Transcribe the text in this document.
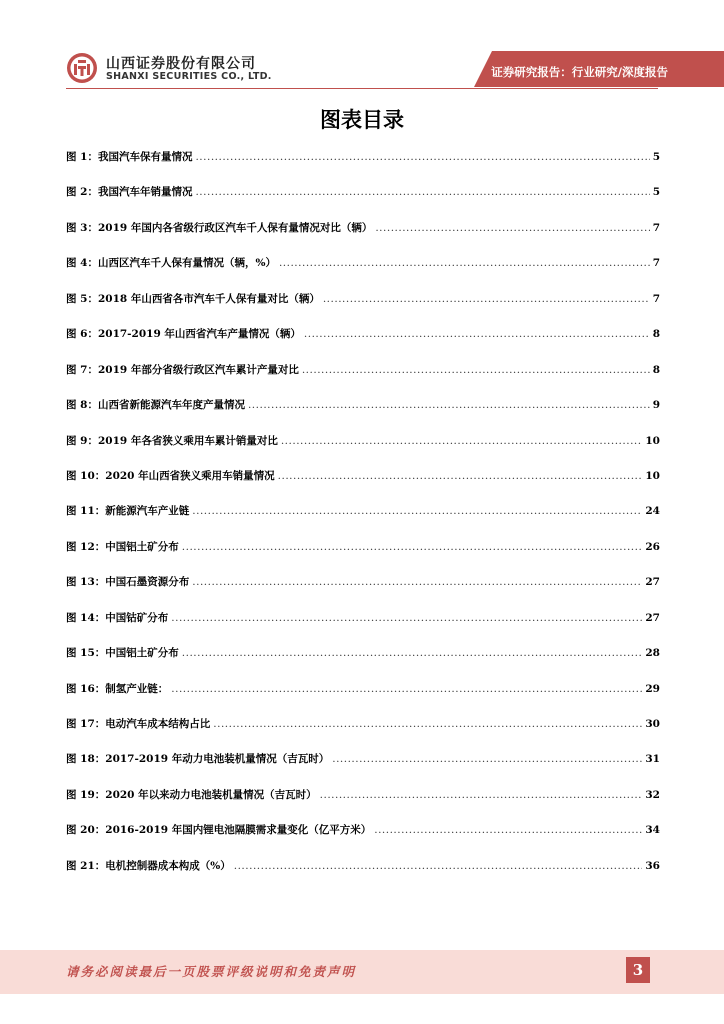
山西证券股份有限公司
SHANXI SECURITIES CO., LTD.	证券研究报告：行业研究/深度报告
图表目录
图 1：我国汽车保有量情况 .....	5
图 2：我国汽车年销量情况 .....	5
图 3：2019 年国内各省级行政区汽车千人保有量情况对比（辆） .....	7
图 4：山西区汽车千人保有量情况（辆，%） .....	7
图 5：2018 年山西省各市汽车千人保有量对比（辆） .....	7
图 6：2017-2019 年山西省汽车产量情况（辆） .....	8
图 7：2019 年部分省级行政区汽车累计产量对比 .....	8
图 8：山西省新能源汽车年度产量情况 .....	9
图 9：2019 年各省狭义乘用车累计销量对比 .....	10
图 10：2020 年山西省狭义乘用车销量情况 .....	10
图 11：新能源汽车产业链 .....	24
图 12：中国铝土矿分布 .....	26
图 13：中国石墨资源分布 .....	27
图 14：中国钴矿分布 .....	27
图 15：中国铝土矿分布 .....	28
图 16：制氢产业链： .....	29
图 17：电动汽车成本结构占比 .....	30
图 18：2017-2019 年动力电池装机量情况（吉瓦时） .....	31
图 19：2020 年以来动力电池装机量情况（吉瓦时） .....	32
图 20：2016-2019 年国内锂电池隔膜需求量变化（亿平方米） .....	34
图 21：电机控制器成本构成（%） .....	36
请务必阅读最后一页股票评级说明和免责声明	3
